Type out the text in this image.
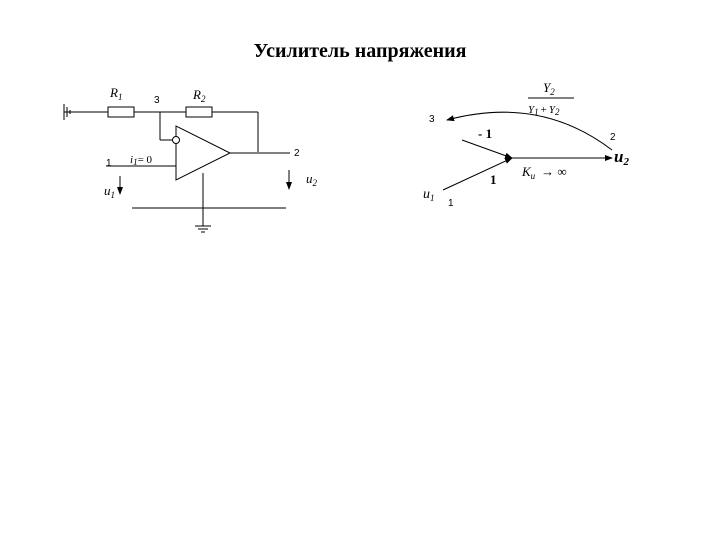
Усилитель напряжения
$R_1$	$R_2$
3
2
1 i1= 0
$u_1$
$u_2$
$Y_2$
Y1 + Y2
3
2
1
- 1
1
$K_u$ → ∞
$u_1$
u2
